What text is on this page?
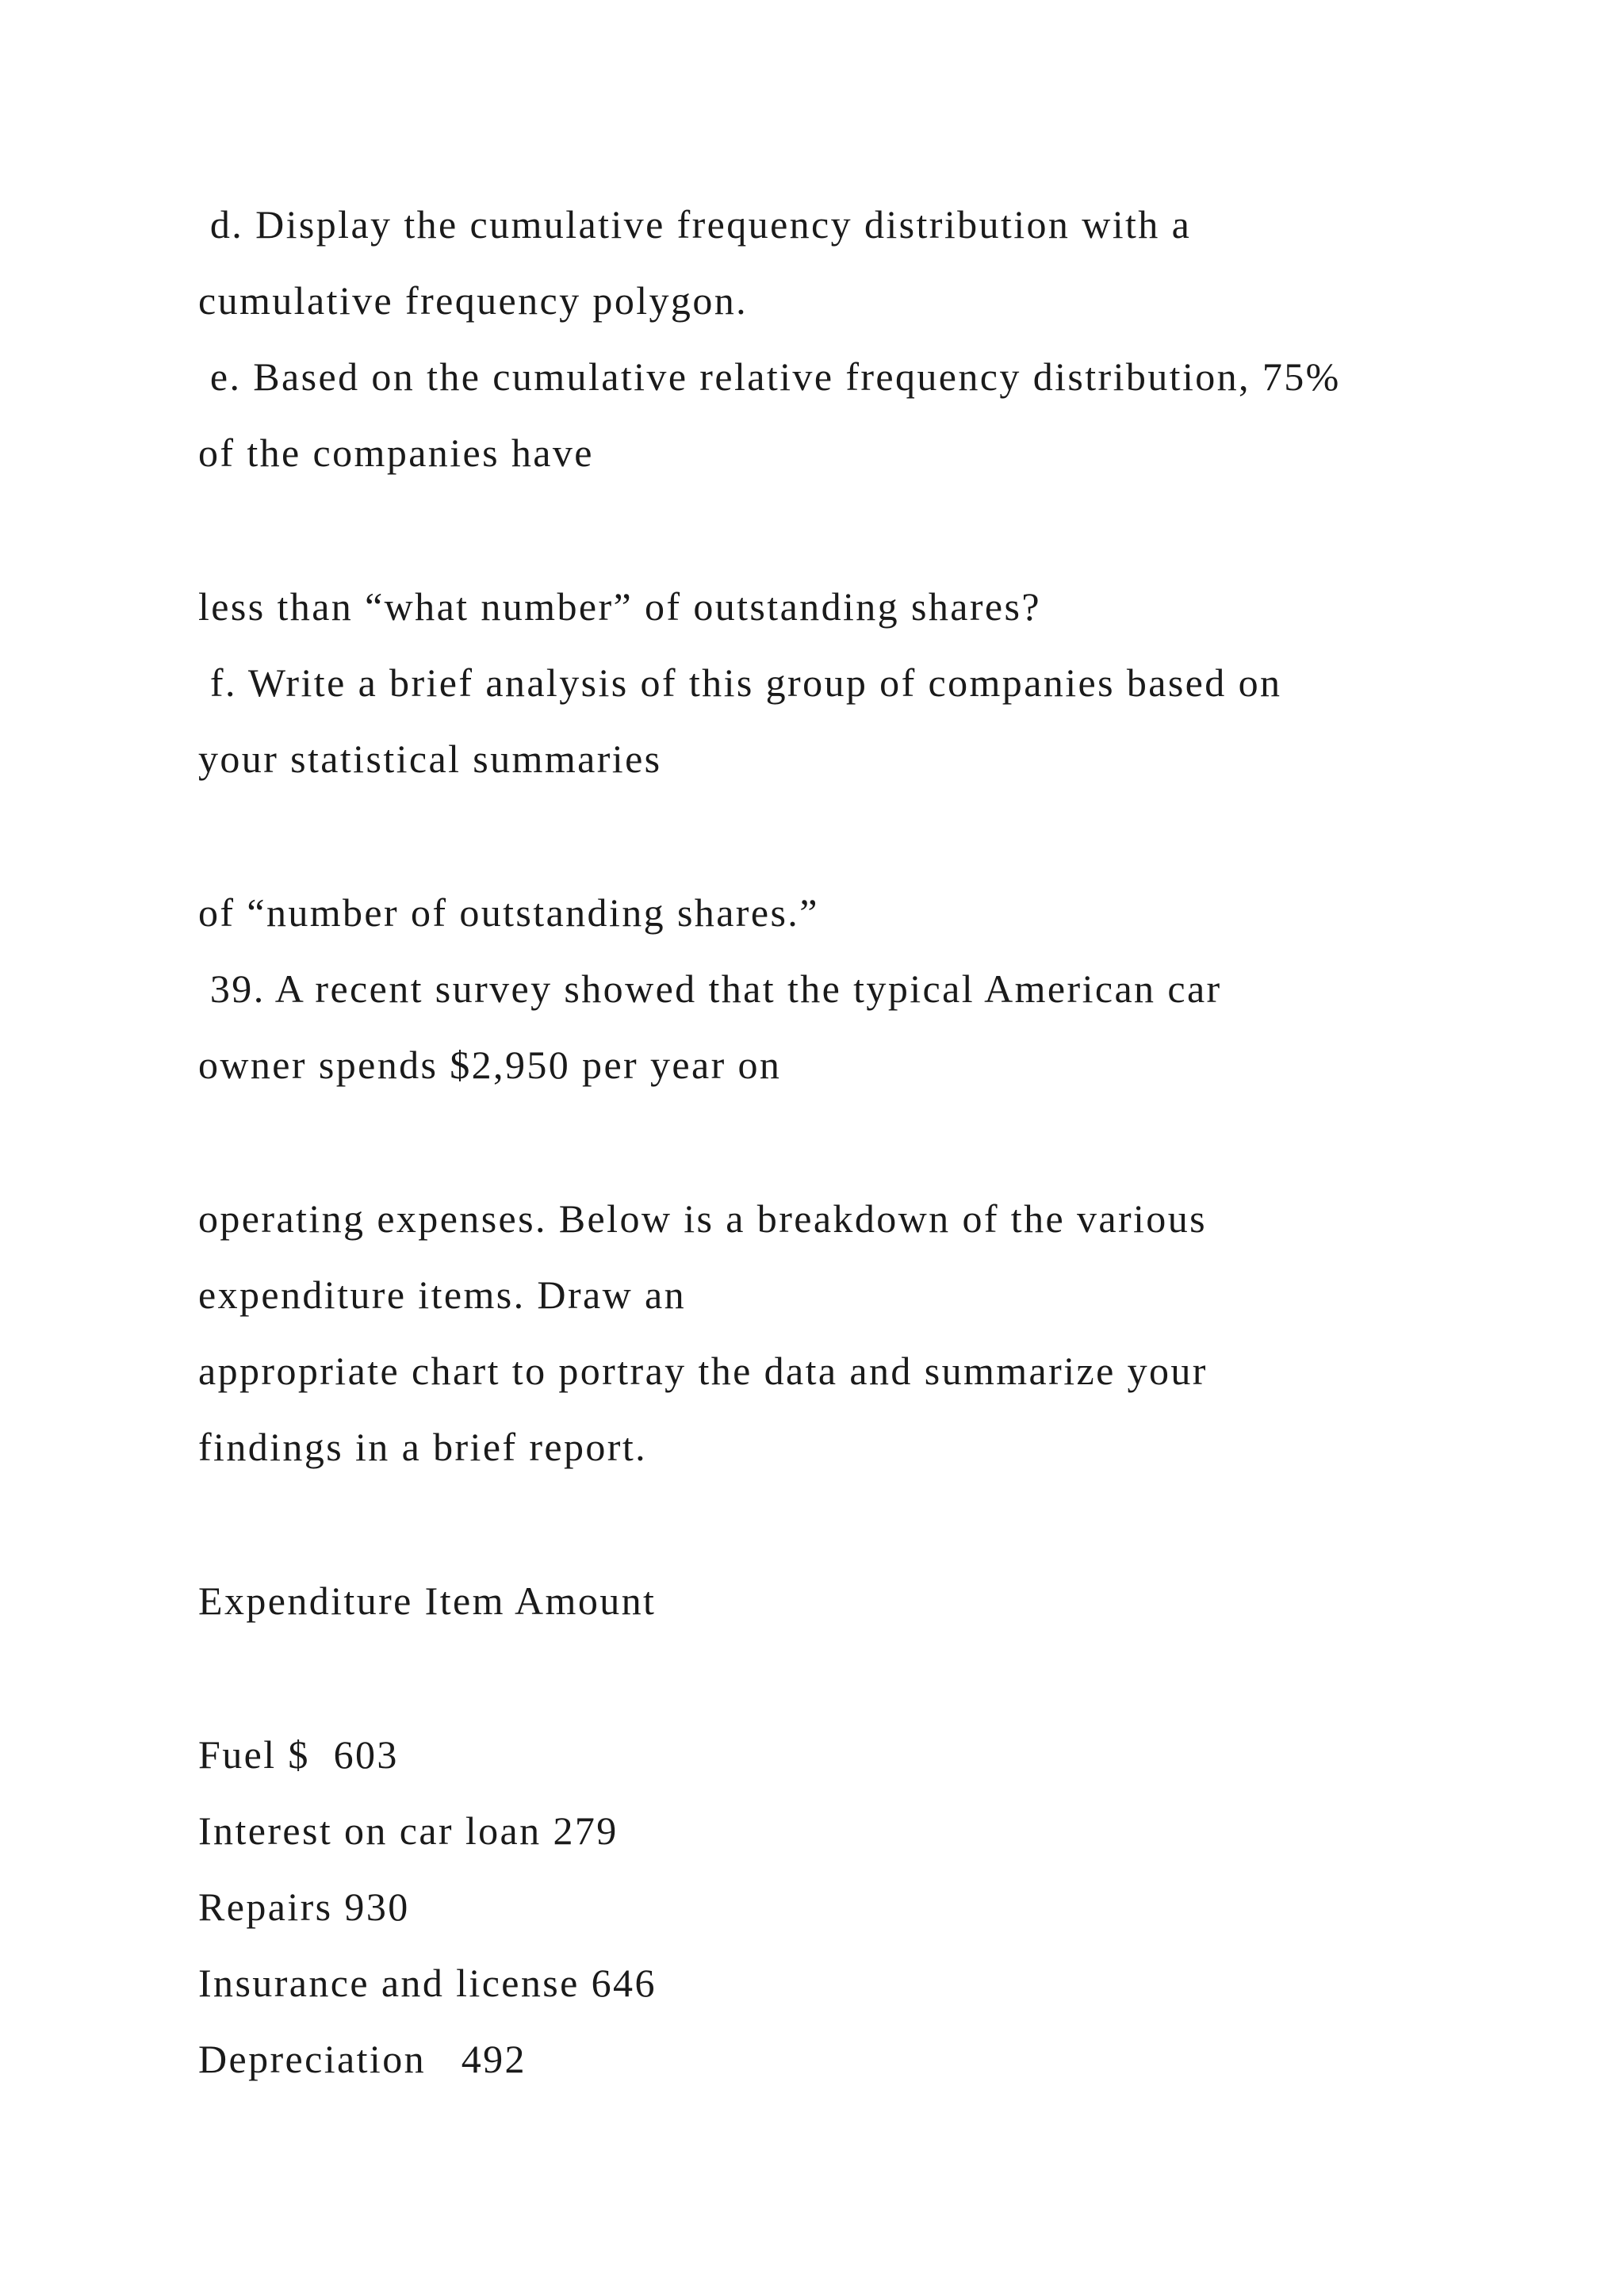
d. Display the cumulative frequency distribution with a
cumulative frequency polygon.
e. Based on the cumulative relative frequency distribution, 75%
of the companies have
less than “what number” of outstanding shares?
f. Write a brief analysis of this group of companies based on
your statistical summaries
of “number of outstanding shares.”
39. A recent survey showed that the typical American car
owner spends $2,950 per year on
operating expenses. Below is a breakdown of the various
expenditure items. Draw an
appropriate chart to portray the data and summarize your
findings in a brief report.
Expenditure Item Amount
Fuel $  603
Interest on car loan 279
Repairs 930
Insurance and license 646
Depreciation   492
